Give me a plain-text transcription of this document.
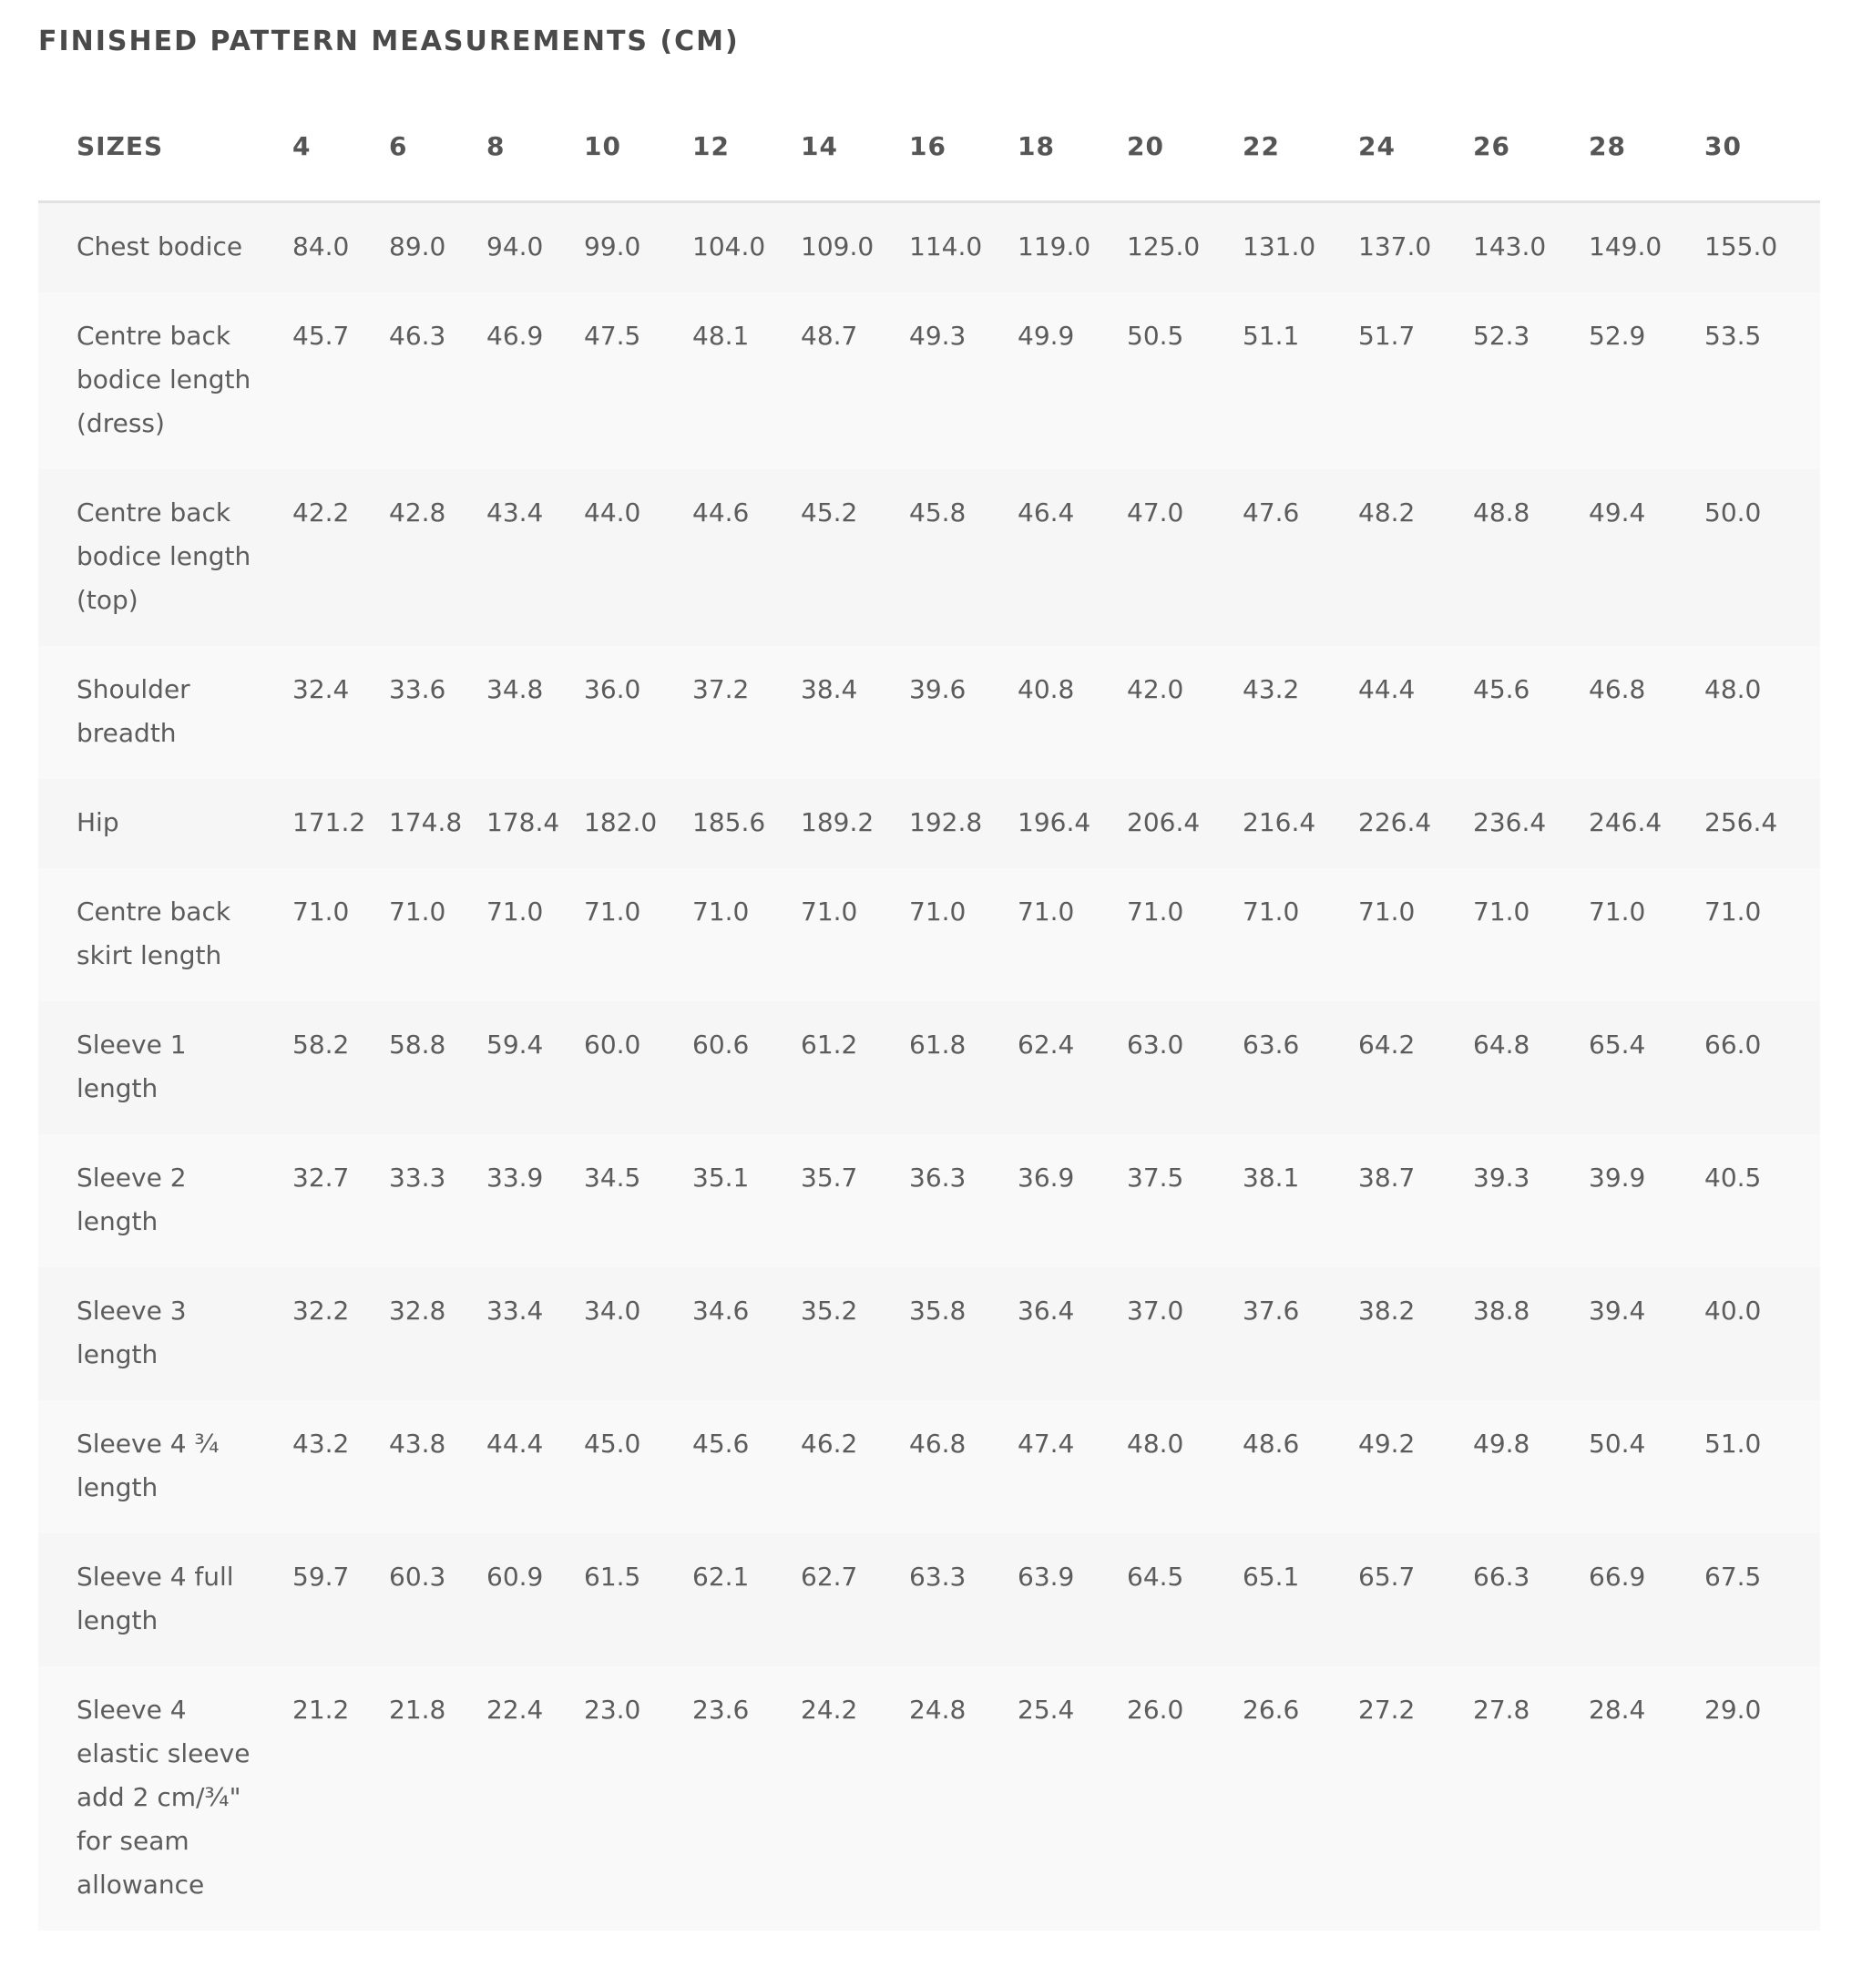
FINISHED PATTERN MEASUREMENTS (CM)
SIZES	4	6	8	10	12	14	16	18	20	22	24	26	28	30
Chest bodice	84.0	89.0	94.0	99.0	104.0	109.0	114.0	119.0	125.0	131.0	137.0	143.0	149.0	155.0
Centre back bodice length (dress)	45.7	46.3	46.9	47.5	48.1	48.7	49.3	49.9	50.5	51.1	51.7	52.3	52.9	53.5
Centre back bodice length (top)	42.2	42.8	43.4	44.0	44.6	45.2	45.8	46.4	47.0	47.6	48.2	48.8	49.4	50.0
Shoulder breadth	32.4	33.6	34.8	36.0	37.2	38.4	39.6	40.8	42.0	43.2	44.4	45.6	46.8	48.0
Hip	171.2	174.8	178.4	182.0	185.6	189.2	192.8	196.4	206.4	216.4	226.4	236.4	246.4	256.4
Centre back skirt length	71.0	71.0	71.0	71.0	71.0	71.0	71.0	71.0	71.0	71.0	71.0	71.0	71.0	71.0
Sleeve 1 length	58.2	58.8	59.4	60.0	60.6	61.2	61.8	62.4	63.0	63.6	64.2	64.8	65.4	66.0
Sleeve 2 length	32.7	33.3	33.9	34.5	35.1	35.7	36.3	36.9	37.5	38.1	38.7	39.3	39.9	40.5
Sleeve 3 length	32.2	32.8	33.4	34.0	34.6	35.2	35.8	36.4	37.0	37.6	38.2	38.8	39.4	40.0
Sleeve 4 ¾ length	43.2	43.8	44.4	45.0	45.6	46.2	46.8	47.4	48.0	48.6	49.2	49.8	50.4	51.0
Sleeve 4 full length	59.7	60.3	60.9	61.5	62.1	62.7	63.3	63.9	64.5	65.1	65.7	66.3	66.9	67.5
Sleeve 4 elastic sleeve add 2 cm/¾" for seam allowance	21.2	21.8	22.4	23.0	23.6	24.2	24.8	25.4	26.0	26.6	27.2	27.8	28.4	29.0
